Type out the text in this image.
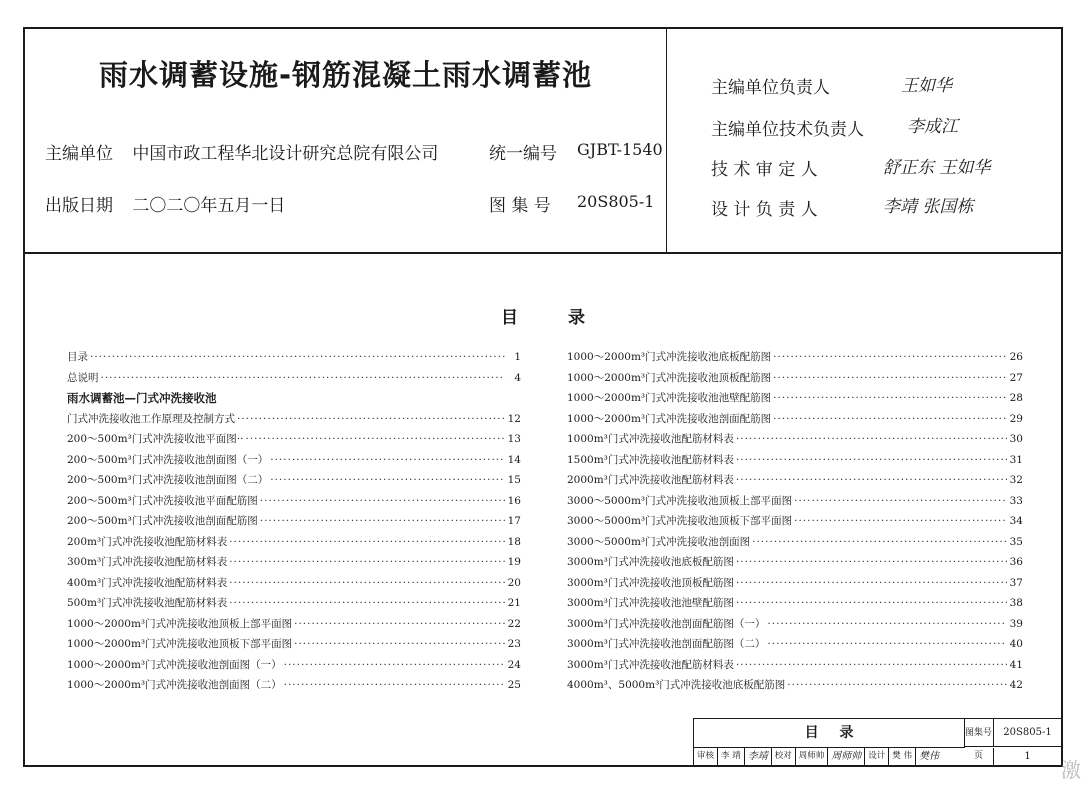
雨水调蓄设施-钢筋混凝土雨水调蓄池
主编单位 中国市政工程华北设计研究总院有限公司	统一编号 GJBT-1540
出版日期 二〇二〇年五月一日	图 集 号 20S805-1
主编单位负责人	王如华
主编单位技术负责人	李成江
技 术 审 定 人	舒正东 王如华
设 计 负 责 人	李靖 张国栋
目	录
目录 ·····	1
总说明 ·····	4
雨水调蓄池—门式冲洗接收池
门式冲洗接收池工作原理及控制方式 ·····	12
200～500m³门式冲洗接收池平面图·· ·····	13
200～500m³门式冲洗接收池剖面图（一） ·····	14
200～500m³门式冲洗接收池剖面图（二） ·····	15
200～500m³门式冲洗接收池平面配筋图 ·····	16
200～500m³门式冲洗接收池剖面配筋图 ·····	17
200m³门式冲洗接收池配筋材料表 ·····	18
300m³门式冲洗接收池配筋材料表 ·····	19
400m³门式冲洗接收池配筋材料表 ·····	20
500m³门式冲洗接收池配筋材料表 ·····	21
1000～2000m³门式冲洗接收池顶板上部平面图 ·····	22
1000～2000m³门式冲洗接收池顶板下部平面图 ·····	23
1000～2000m³门式冲洗接收池剖面图（一） ·····	24
1000～2000m³门式冲洗接收池剖面图（二） ·····	25
1000～2000m³门式冲洗接收池底板配筋图 ·····	26
1000～2000m³门式冲洗接收池顶板配筋图 ·····	27
1000～2000m³门式冲洗接收池池壁配筋图 ·····	28
1000～2000m³门式冲洗接收池剖面配筋图 ·····	29
1000m³门式冲洗接收池配筋材料表 ·····	30
1500m³门式冲洗接收池配筋材料表 ·····	31
2000m³门式冲洗接收池配筋材料表 ·····	32
3000～5000m³门式冲洗接收池顶板上部平面图 ·····	33
3000～5000m³门式冲洗接收池顶板下部平面图 ·····	34
3000～5000m³门式冲洗接收池剖面图 ·····	35
3000m³门式冲洗接收池底板配筋图 ·····	36
3000m³门式冲洗接收池顶板配筋图 ·····	37
3000m³门式冲洗接收池池壁配筋图 ·····	38
3000m³门式冲洗接收池剖面配筋图（一） ·····	39
3000m³门式冲洗接收池剖面配筋图（二） ·····	40
3000m³门式冲洗接收池配筋材料表 ·····	41
4000m³、5000m³门式冲洗接收池底板配筋图 ·····	42
目 录	图集号	20S805-1
页	1
审核 李 靖 李靖 校对 周师帅 周师帅 设计 樊 伟 樊伟
激
